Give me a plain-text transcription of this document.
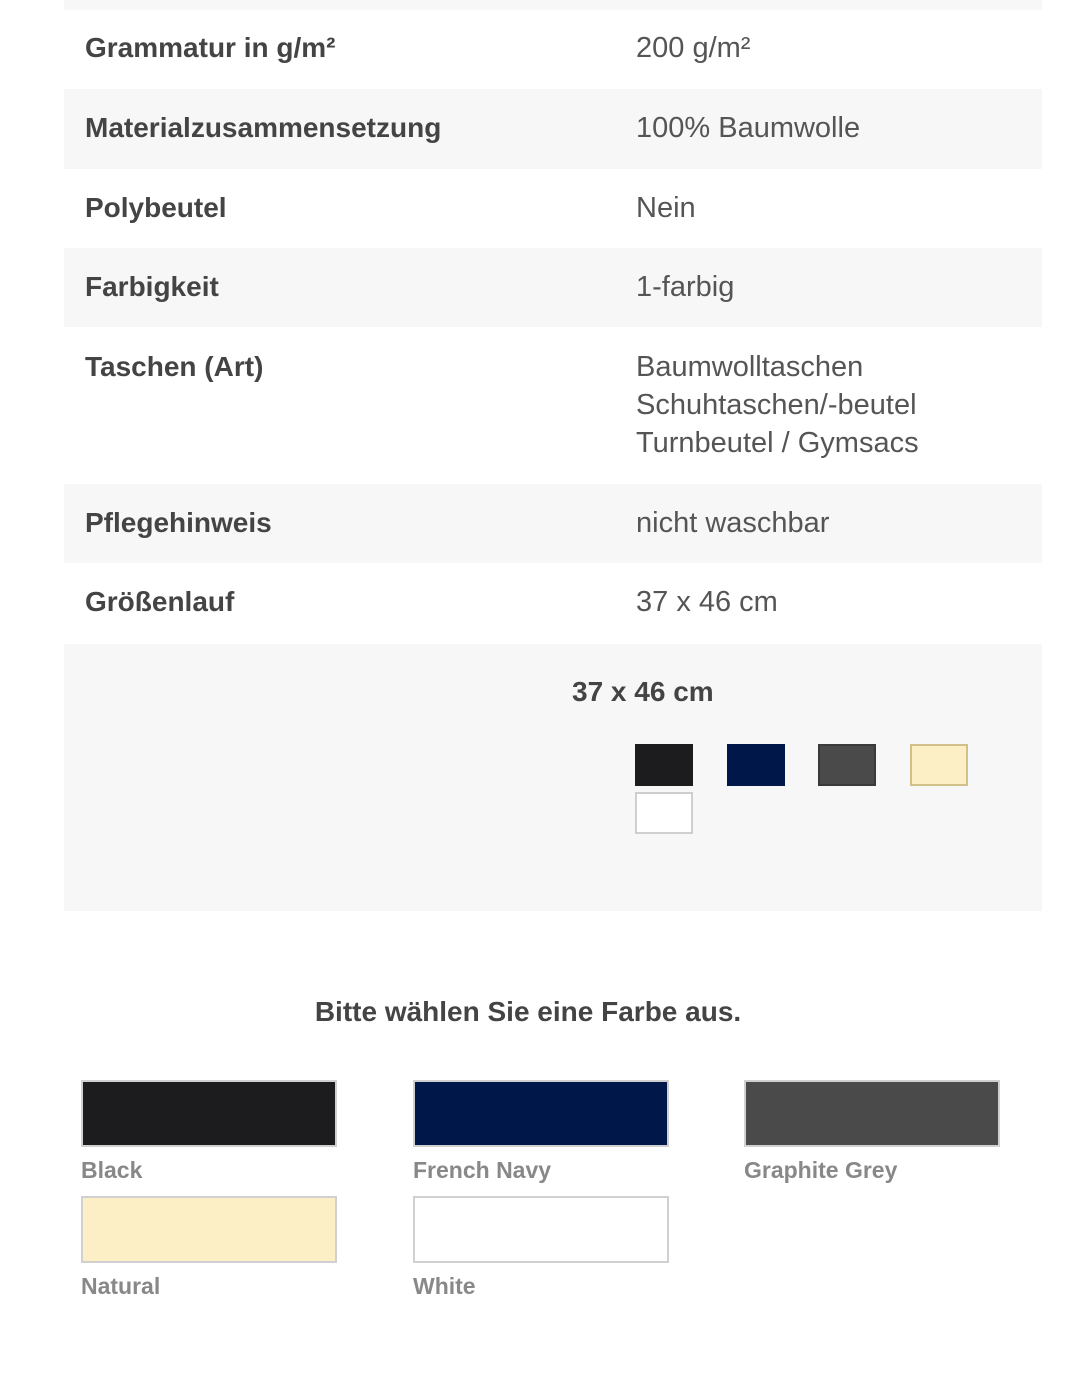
Grammatur in g/m²	200 g/m²
Materialzusammensetzung	100% Baumwolle
Polybeutel	Nein
Farbigkeit	1-farbig
Taschen (Art)	Baumwolltaschen
Schuhtaschen/-beutel
Turnbeutel / Gymsacs
Pflegehinweis	nicht waschbar
Größenlauf	37 x 46 cm
37 x 46 cm
Bitte wählen Sie eine Farbe aus.
Black	French Navy	Graphite Grey
Natural	White
